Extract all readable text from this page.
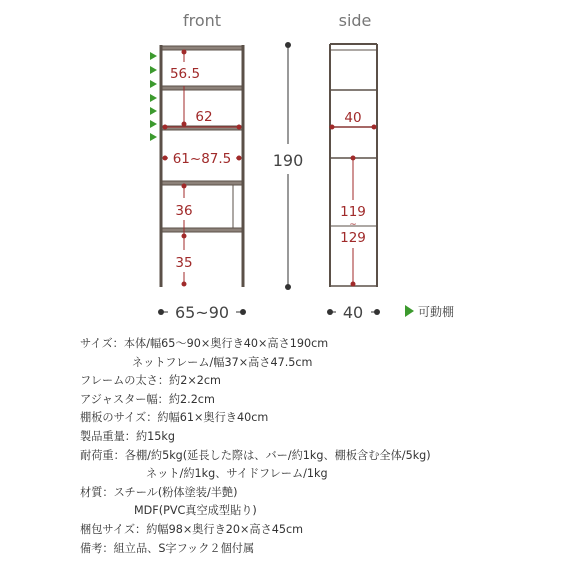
front
56.5
62
61~87.5
36
35
190
65~90
side
40
119
~
129
40	可動棚
サイズ：本体/幅65～90×奥行き40×高さ190cm
ネットフレーム/幅37×高さ47.5cm
フレームの太さ：約2×2cm
アジャスター幅：約2.2cm
棚板のサイズ：約幅61×奥行き40cm
製品重量：約15kg
耐荷重：各棚/約5kg(延長した際は、バー/約1kg、棚板含む全体/5kg)
ネット/約1kg、サイドフレーム/1kg
材質：スチール(粉体塗装/半艶)
MDF(PVC真空成型貼り)
梱包サイズ：約幅98×奥行き20×高さ45cm
備考：組立品、S字フック２個付属
